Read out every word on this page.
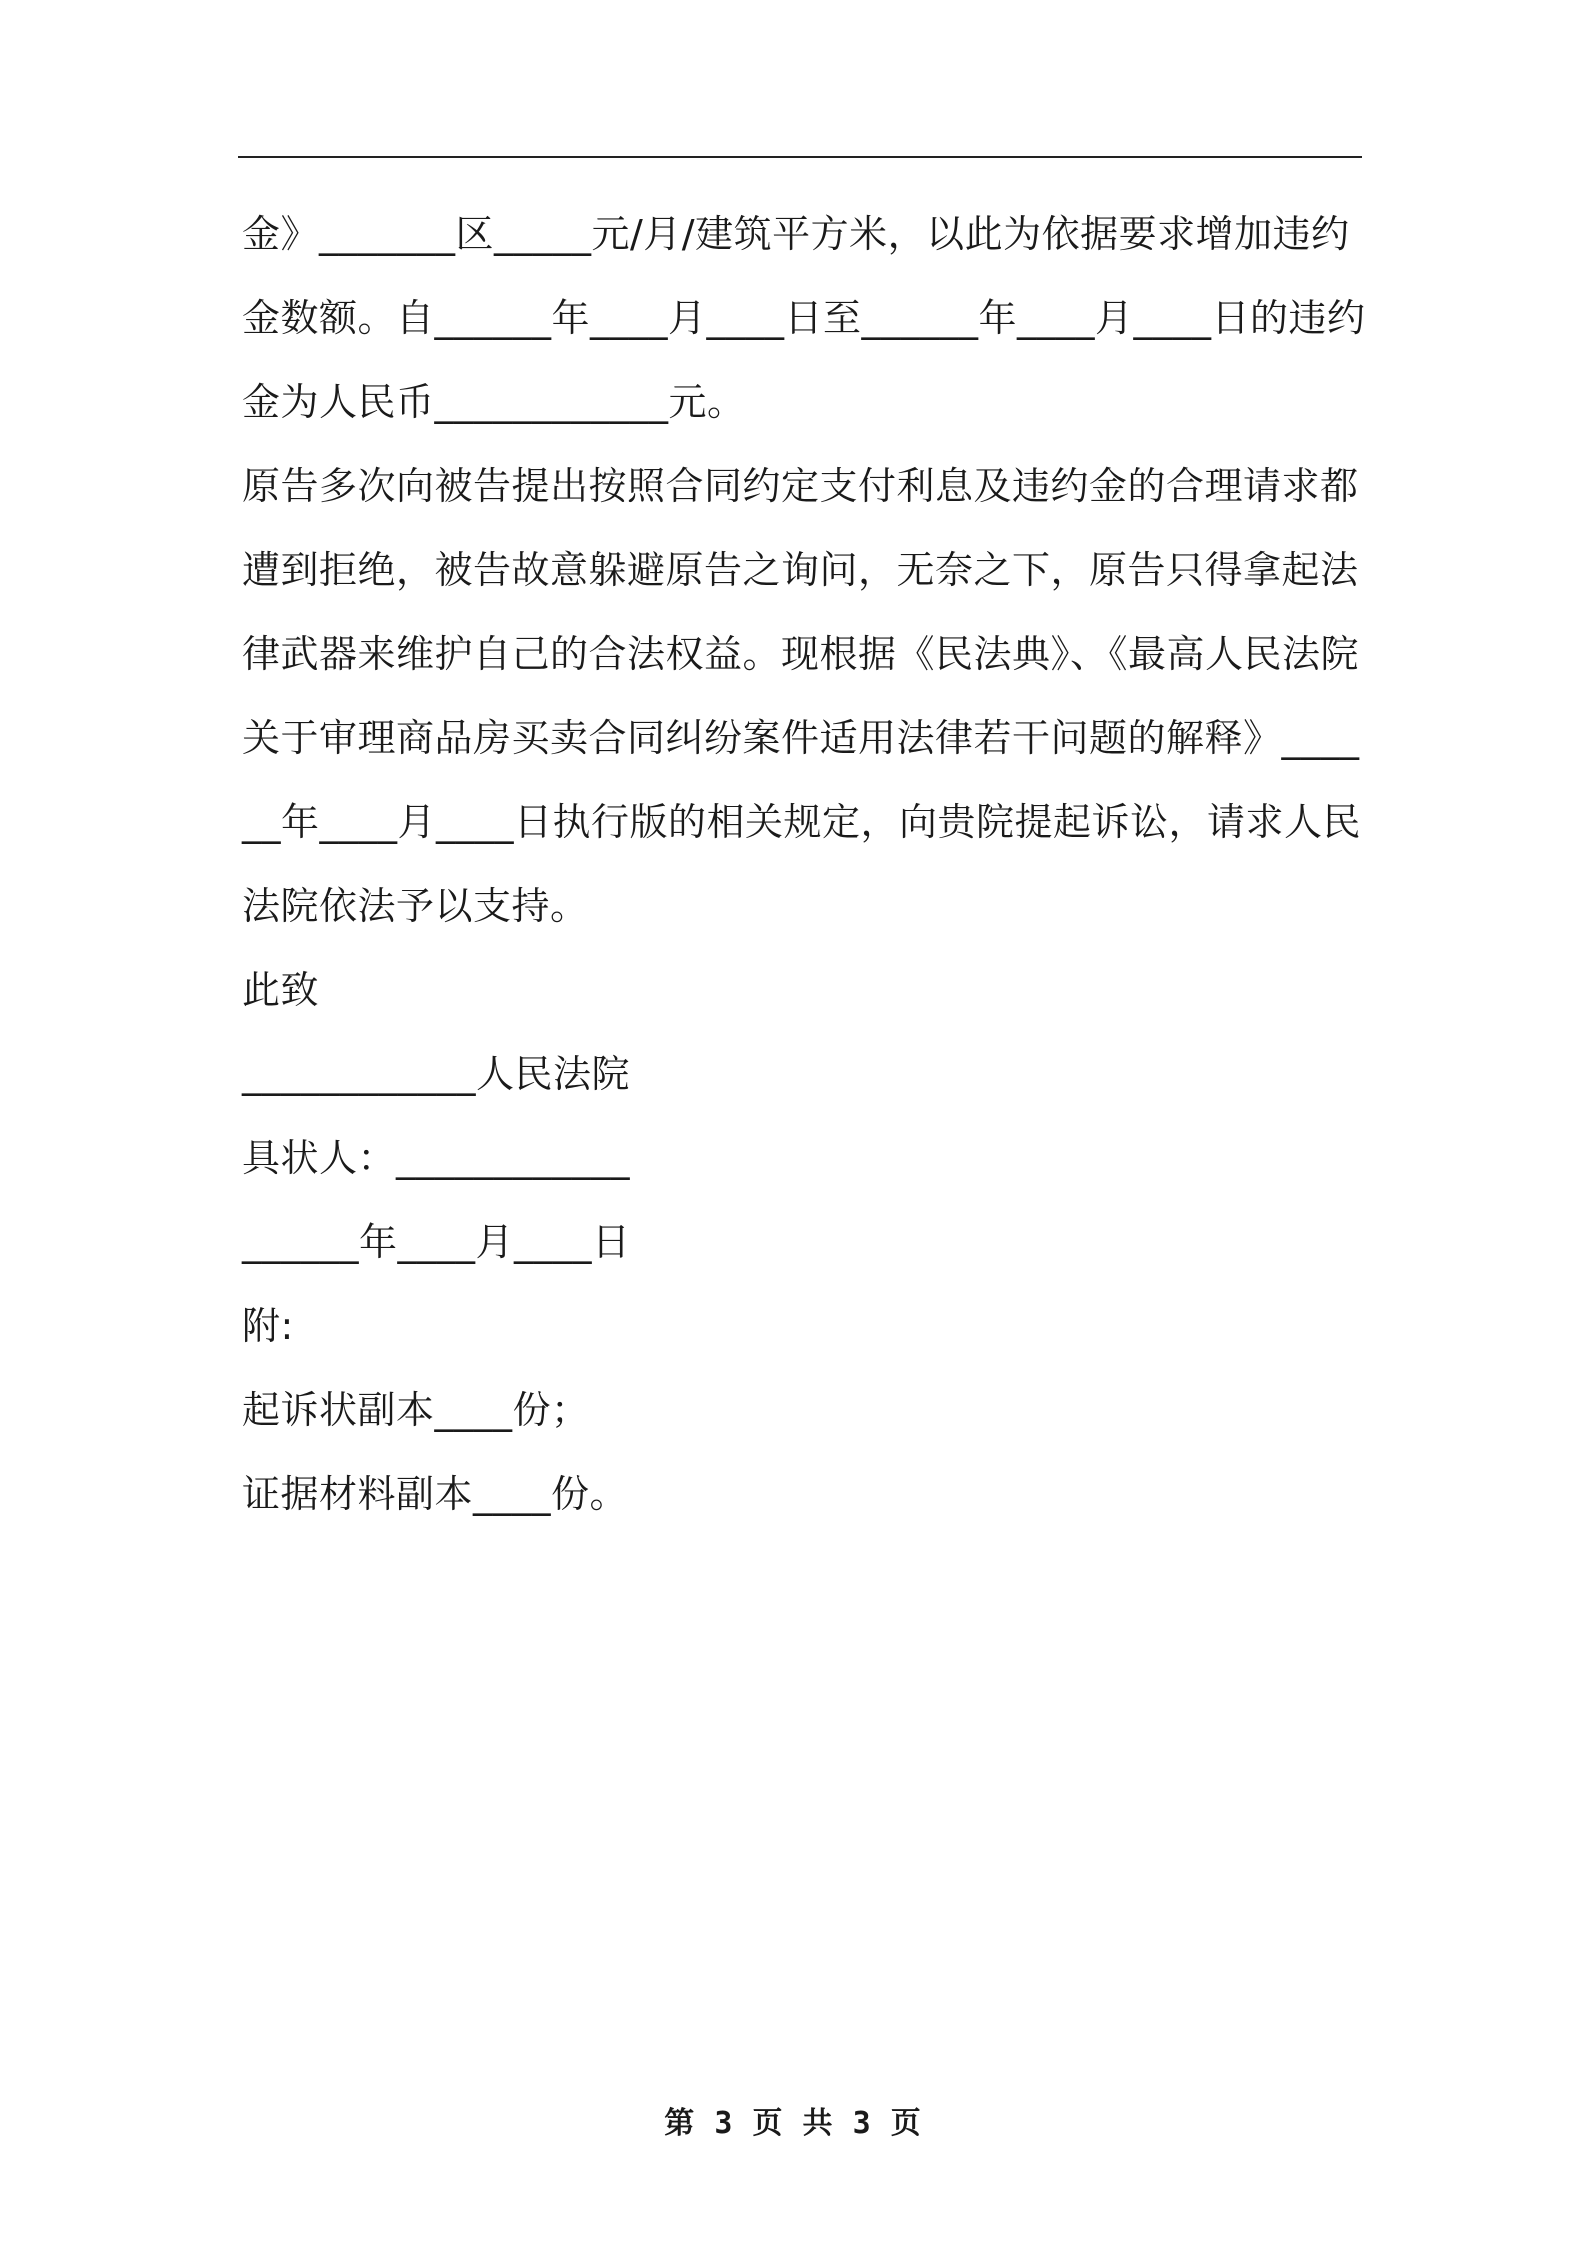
金》_______区_____元/月/建筑平方米，以此为依据要求增加违约金数额。自______年____月____日至______年____月____日的违约金为人民币____________元。

原告多次向被告提出按照合同约定支付利息及违约金的合理请求都遭到拒绝，被告故意躲避原告之询问，无奈之下，原告只得拿起法律武器来维护自己的合法权益。现根据《民法典》、《最高人民法院关于审理商品房买卖合同纠纷案件适用法律若干问题的解释》______年____月____日执行版的相关规定，向贵院提起诉讼，请求人民法院依法予以支持。

此致

____________人民法院

具状人：____________

______年____月____日

附:

起诉状副本____份；

证据材料副本____份。

第 3 页 共 3 页
